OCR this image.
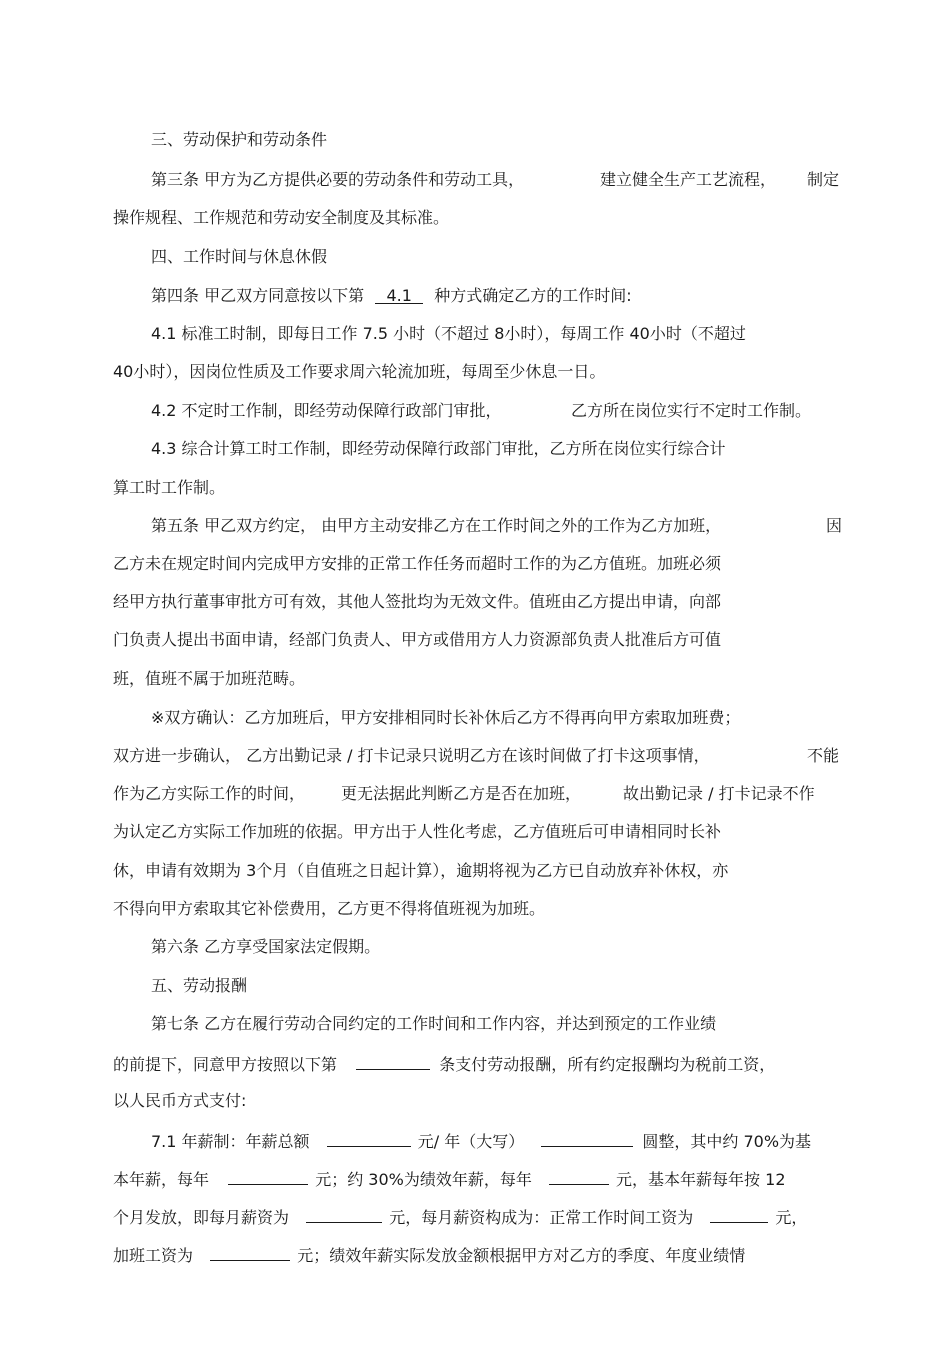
三、劳动保护和劳动条件
第三条 甲方为乙方提供必要的劳动条件和劳动工具，	建立健全生产工艺流程， 制定
操作规程、工作规范和劳动安全制度及其标准。
四、工作时间与休息休假
第四条 甲乙双方同意按以下第 4.1 种方式确定乙方的工作时间:
4.1 标准工时制，即每日工作 7.5 小时（不超过 8小时），每周工作 40小时（不超过
40小时），因岗位性质及工作要求周六轮流加班，每周至少休息一日。
4.2 不定时工作制，即经劳动保障行政部门审批，	乙方所在岗位实行不定时工作制。
4.3 综合计算工时工作制，即经劳动保障行政部门审批，乙方所在岗位实行综合计
算工时工作制。
第五条 甲乙双方约定， 由甲方主动安排乙方在工作时间之外的工作为乙方加班，	因
乙方未在规定时间内完成甲方安排的正常工作任务而超时工作的为乙方值班。加班必须
经甲方执行董事审批方可有效，其他人签批均为无效文件。值班由乙方提出申请，向部
门负责人提出书面申请，经部门负责人、甲方或借用方人力资源部负责人批准后方可值
班，值班不属于加班范畴。
※双方确认：乙方加班后，甲方安排相同时长补休后乙方不得再向甲方索取加班费；
双方进一步确认， 乙方出勤记录 / 打卡记录只说明乙方在该时间做了打卡这项事情，	不能
作为乙方实际工作的时间， 更无法据此判断乙方是否在加班，	故出勤记录 / 打卡记录不作
为认定乙方实际工作加班的依据。甲方出于人性化考虑，乙方值班后可申请相同时长补
休，申请有效期为 3个月（自值班之日起计算），逾期将视为乙方已自动放弃补休权，亦
不得向甲方索取其它补偿费用，乙方更不得将值班视为加班。
第六条 乙方享受国家法定假期。
五、劳动报酬
第七条 乙方在履行劳动合同约定的工作时间和工作内容，并达到预定的工作业绩
的前提下，同意甲方按照以下第	条支付劳动报酬，所有约定报酬均为税前工资，
以人民币方式支付:
7.1 年薪制：年薪总额	元/ 年（大写）	圆整，其中约 70%为基
本年薪，每年	元；约 30%为绩效年薪，每年	元，基本年薪每年按 12
个月发放，即每月薪资为	元，每月薪资构成为：正常工作时间工资为	元，
加班工资为	元；绩效年薪实际发放金额根据甲方对乙方的季度、年度业绩情
